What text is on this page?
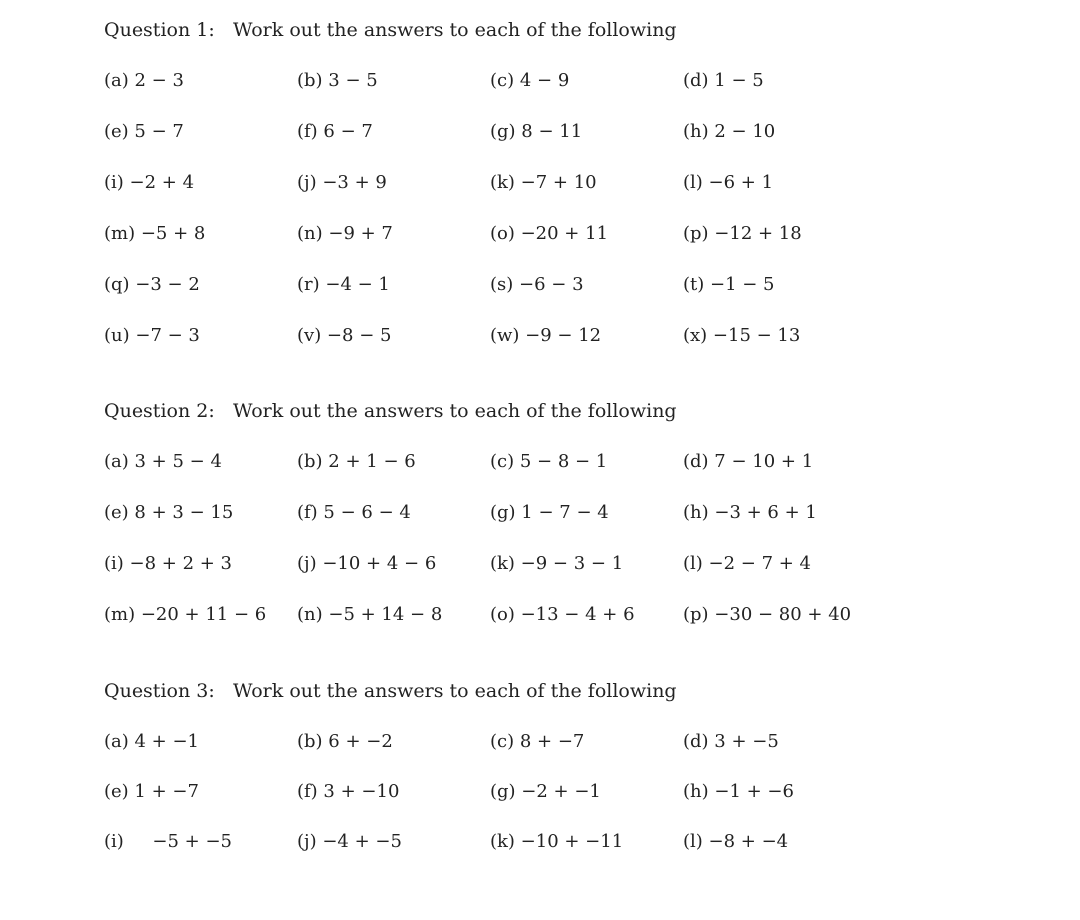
Question 1: Work out the answers to each of the following
(a) 2 − 3	(b) 3 − 5	(c) 4 − 9	(d) 1 − 5
(e) 5 − 7	(f) 6 − 7	(g) 8 − 11	(h) 2 − 10
(i) −2 + 4	(j) −3 + 9	(k) −7 + 10	(l) −6 + 1
(m) −5 + 8	(n) −9 + 7	(o) −20 + 11	(p) −12 + 18
(q) −3 − 2	(r) −4 − 1	(s) −6 − 3	(t) −1 − 5
(u) −7 − 3	(v) −8 − 5	(w) −9 − 12	(x) −15 − 13
Question 2: Work out the answers to each of the following
(a) 3 + 5 − 4	(b) 2 + 1 − 6	(c) 5 − 8 − 1	(d) 7 − 10 + 1
(e) 8 + 3 − 15	(f) 5 − 6 − 4	(g) 1 − 7 − 4	(h) −3 + 6 + 1
(i) −8 + 2 + 3	(j) −10 + 4 − 6	(k) −9 − 3 − 1	(l) −2 − 7 + 4
(m) −20 + 11 − 6 (n) −5 + 14 − 8	(o) −13 − 4 + 6	(p) −30 − 80 + 40
Question 3: Work out the answers to each of the following
(a) 4 + −1	(b) 6 + −2	(c) 8 + −7	(d) 3 + −5
(e) 1 + −7	(f) 3 + −10	(g) −2 + −1	(h) −1 + −6
(i)     −5 + −5	(j) −4 + −5	(k) −10 + −11	(l) −8 + −4
